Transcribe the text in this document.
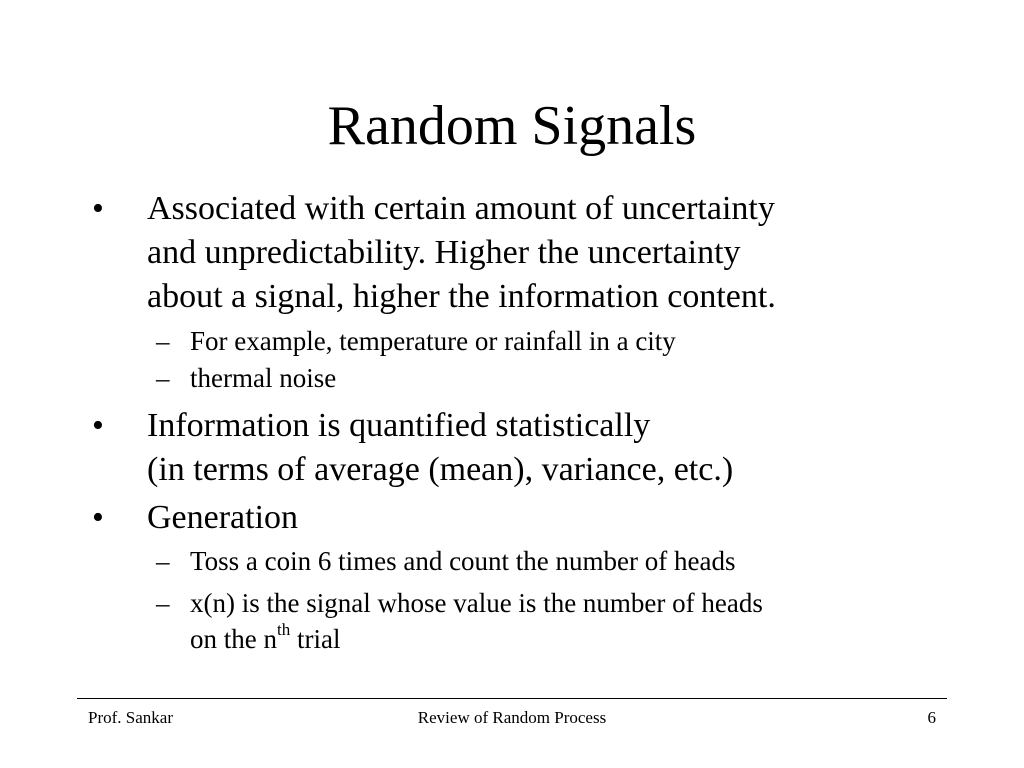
Random Signals
• Associated with certain amount of uncertainty
and unpredictability. Higher the uncertainty
about a signal, higher the information content.
– For example, temperature or rainfall in a city
– thermal noise
• Information is quantified statistically
(in terms of average (mean), variance, etc.)
• Generation
– Toss a coin 6 times and count the number of heads
– x(n) is the signal whose value is the number of heads
on the $n^{th}$ trial
Prof. Sankar	Review of Random Process	6
